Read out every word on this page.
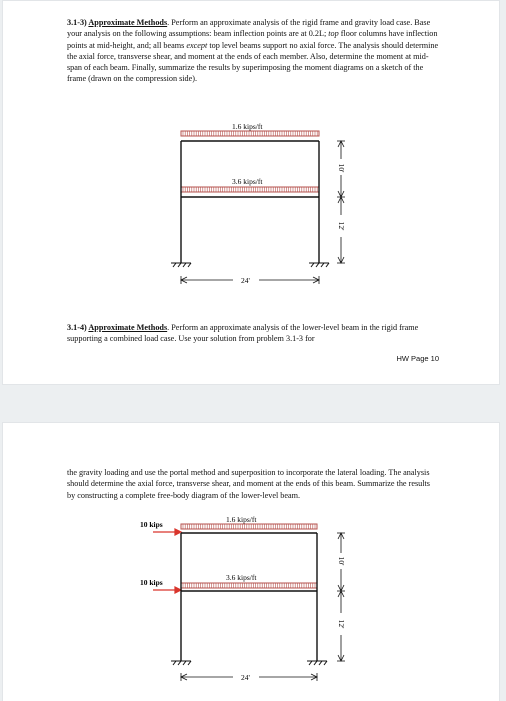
3.1-3) Approximate Methods. Perform an approximate analysis of the rigid frame and gravity load case. Base your analysis on the following assumptions: beam inflection points are at 0.2L; top floor columns have inflection points at mid-height, and; all beams except top level beams support no axial force. The analysis should determine the axial force, transverse shear, and moment at the ends of each member. Also, determine the moment at mid-span of each beam. Finally, summarize the results by superimposing the moment diagrams on a sketch of the frame (drawn on the compression side).

1.6 kips/ft
3.6 kips/ft
24'
10'
12'

3.1-4) Approximate Methods. Perform an approximate analysis of the lower-level beam in the rigid frame supporting a combined load case. Use your solution from problem 3.1-3 for

HW Page 10

the gravity loading and use the portal method and superposition to incorporate the lateral loading. The analysis should determine the axial force, transverse shear, and moment at the ends of this beam. Summarize the results by constructing a complete free-body diagram of the lower-level beam.

1.6 kips/ft
3.6 kips/ft
10 kips
10 kips
24'
10'
12'
